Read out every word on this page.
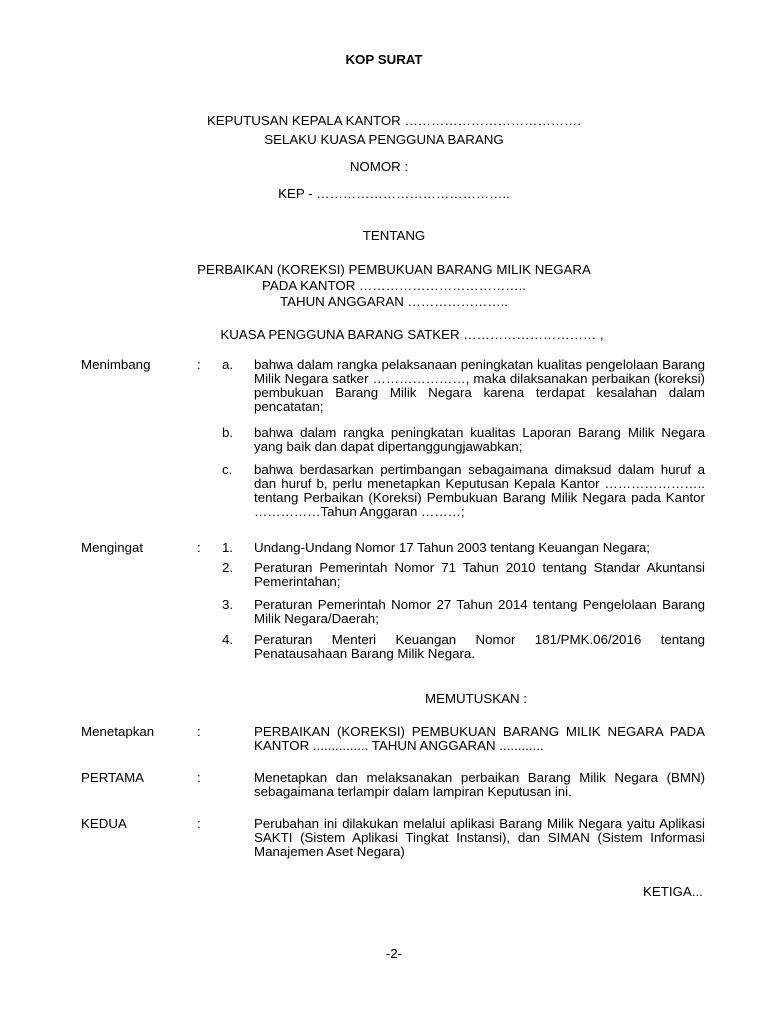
KOP SURAT
KEPUTUSAN KEPALA KANTOR ………………………………….
SELAKU KUASA PENGGUNA BARANG
NOMOR :
KEP - ……………………………………..
TENTANG
PERBAIKAN (KOREKSI) PEMBUKUAN BARANG MILIK NEGARA
PADA KANTOR ………………………………..
TAHUN ANGGARAN …………………..
KUASA PENGGUNA BARANG SATKER ………………………… ,
Menimbang	: a. bahwa dalam rangka pelaksanaan peningkatan kualitas pengelolaan Barang Milik Negara satker …………………, maka dilaksanakan perbaikan (koreksi) pembukuan Barang Milik Negara karena terdapat kesalahan dalam pencatatan;
b. bahwa dalam rangka peningkatan kualitas Laporan Barang Milik Negara yang baik dan dapat dipertanggungjawabkan;
c. bahwa berdasarkan pertimbangan sebagaimana dimaksud dalam huruf a dan huruf b, perlu menetapkan Keputusan Kepala Kantor ………………….. tentang Perbaikan (Koreksi) Pembukuan Barang Milik Negara pada Kantor ……………Tahun Anggaran ………;
Mengingat	: 1. Undang-Undang Nomor 17 Tahun 2003 tentang Keuangan Negara;
2. Peraturan Pemerintah Nomor 71 Tahun 2010 tentang Standar Akuntansi Pemerintahan;
3. Peraturan Pemerintah Nomor 27 Tahun 2014 tentang Pengelolaan Barang Milik Negara/Daerah;
4. Peraturan Menteri Keuangan Nomor 181/PMK.06/2016 tentang Penatausahaan Barang Milik Negara.
MEMUTUSKAN :
Menetapkan	:	PERBAIKAN (KOREKSI) PEMBUKUAN BARANG MILIK NEGARA PADA KANTOR ............... TAHUN ANGGARAN ............
PERTAMA	:	Menetapkan dan melaksanakan perbaikan Barang Milik Negara (BMN) sebagaimana terlampir dalam lampiran Keputusan ini.
KEDUA	:	Perubahan ini dilakukan melalui aplikasi Barang Milik Negara yaitu Aplikasi SAKTI (Sistem Aplikasi Tingkat Instansi), dan SIMAN (Sistem Informasi Manajemen Aset Negara)
KETIGA...
-2-
